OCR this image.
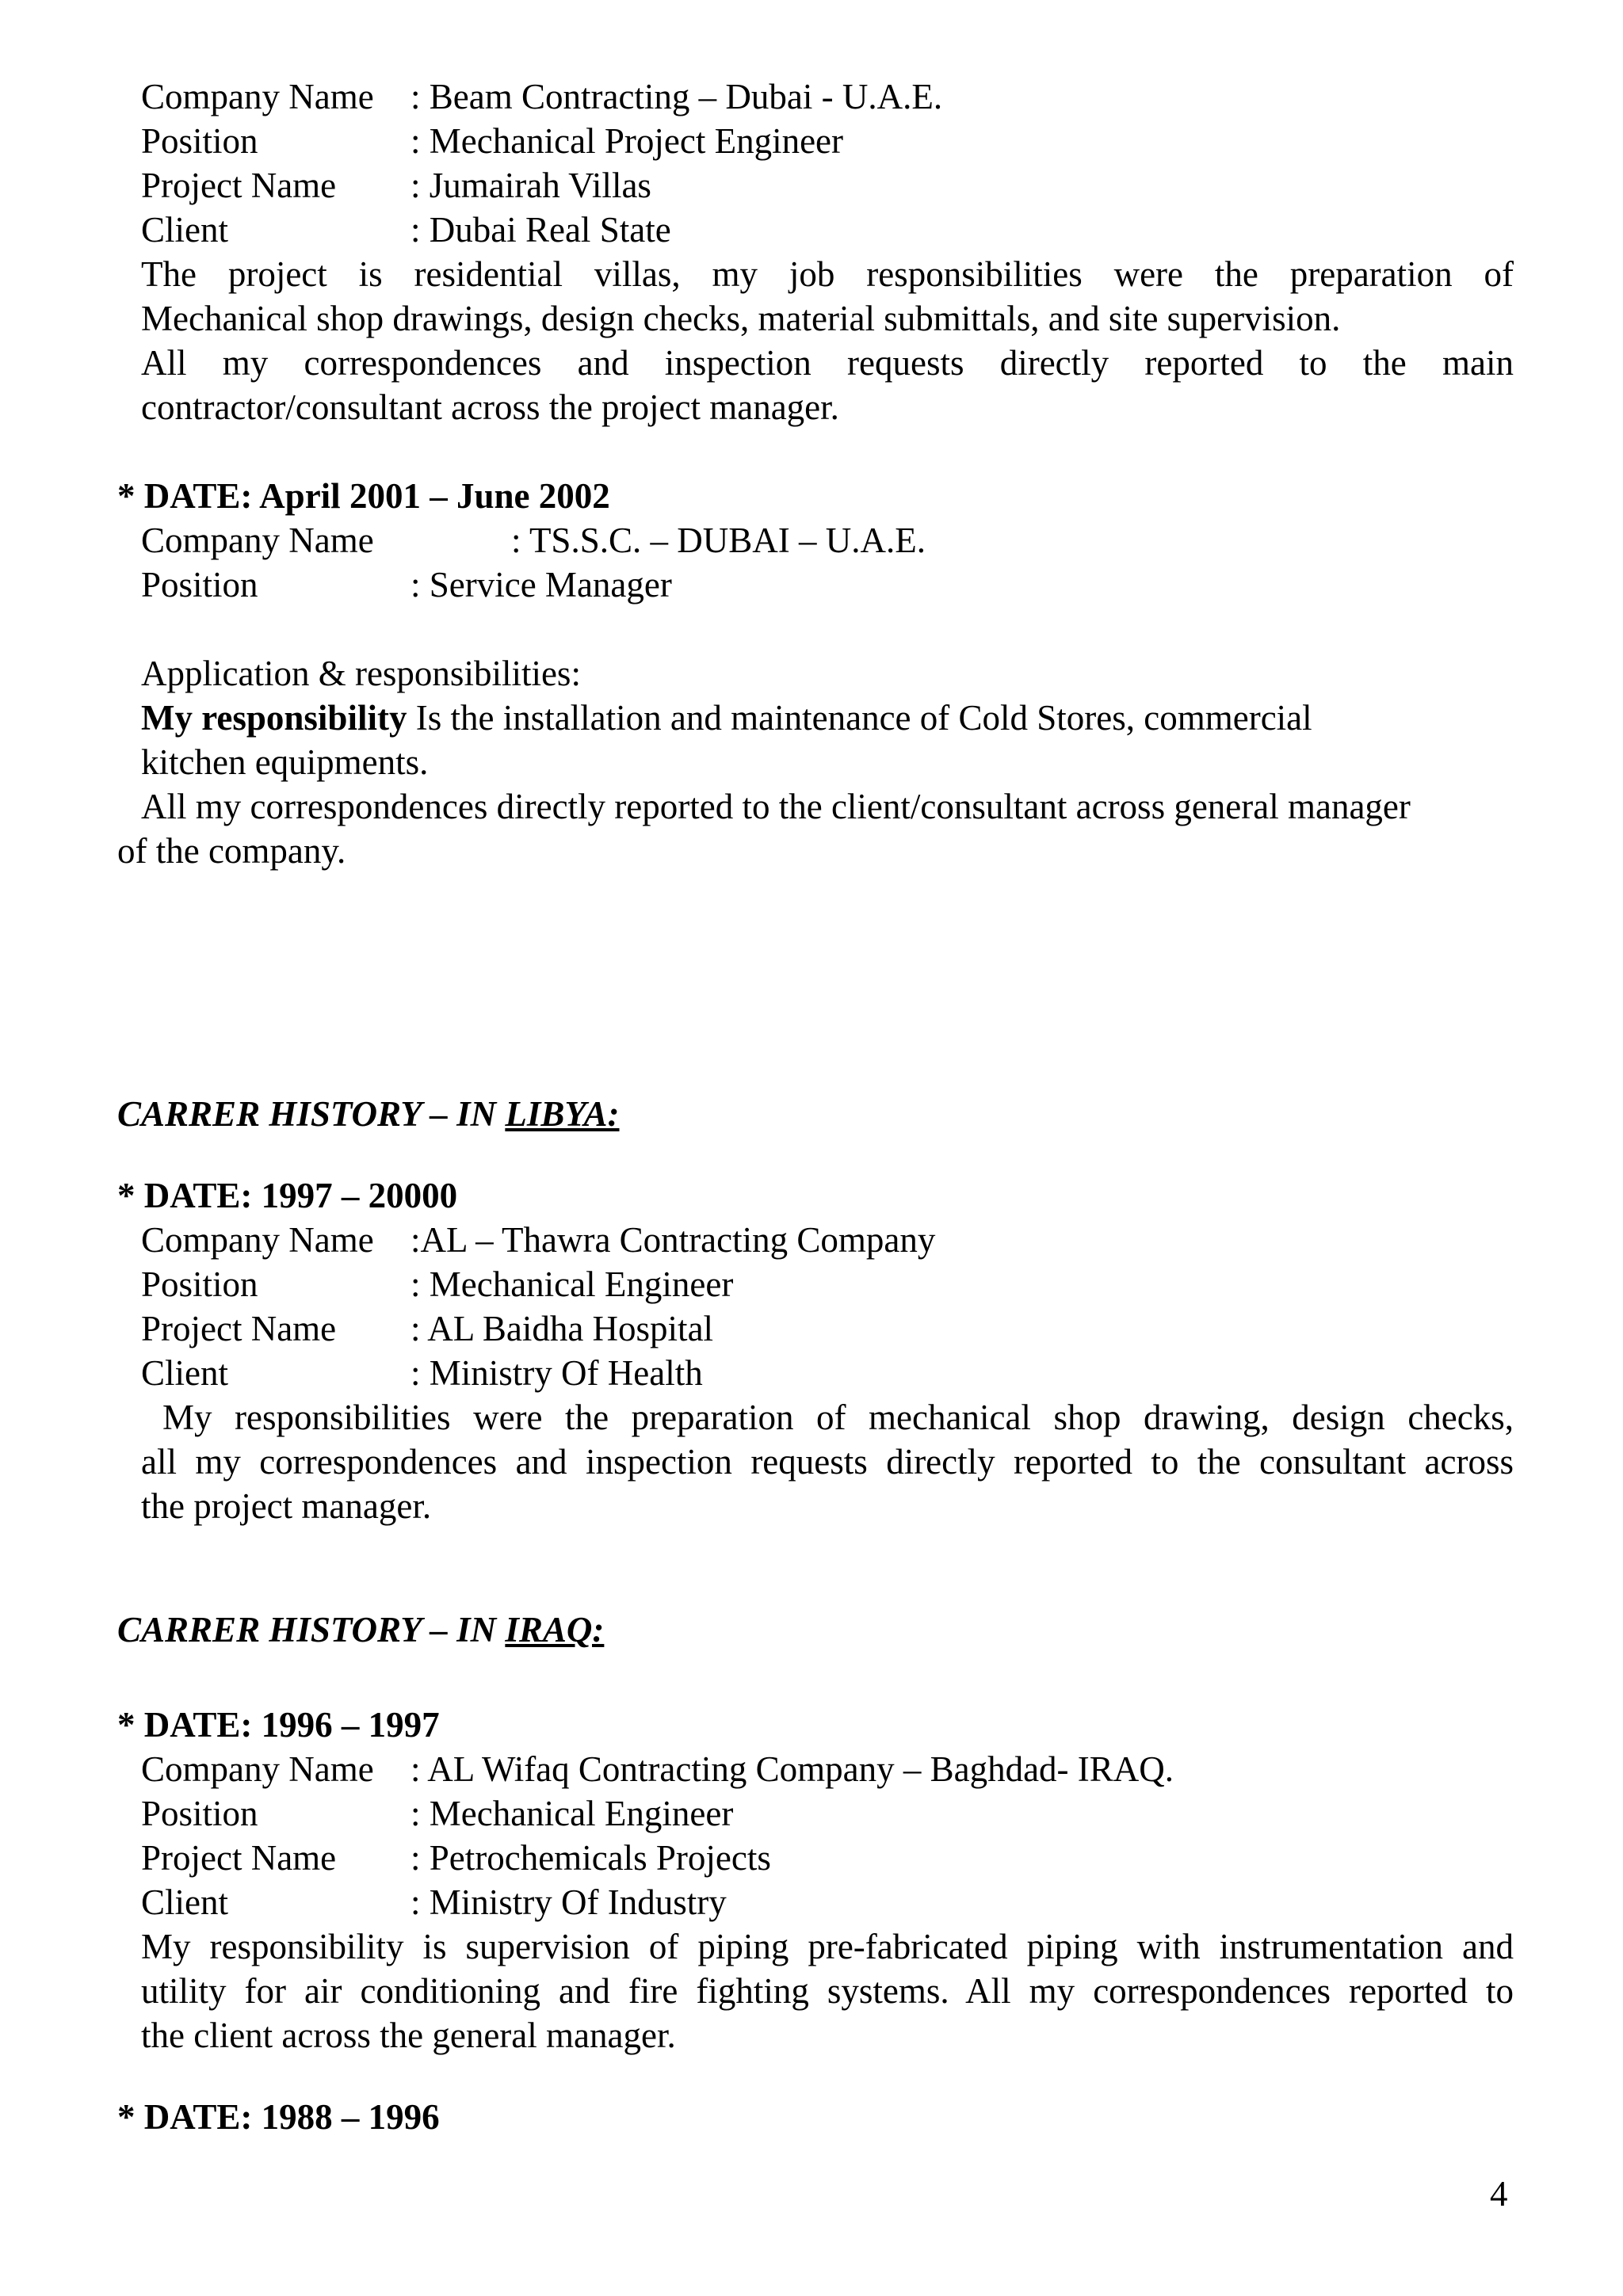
Company Name : Beam Contracting – Dubai - U.A.E.
Position	: Mechanical Project Engineer
Project Name : Jumairah Villas
Client	: Dubai Real State
The project is residential villas, my job responsibilities were the preparation of
Mechanical shop drawings, design checks, material submittals, and site supervision.
All my correspondences and inspection requests directly reported to the main
contractor/consultant across the project manager.
* DATE: April 2001 – June 2002
Company Name	: TS.S.C. – DUBAI – U.A.E.
Position	: Service Manager
Application & responsibilities:
My responsibility Is the installation and maintenance of Cold Stores, commercial
kitchen equipments.
All my correspondences directly reported to the client/consultant across general manager
of the company.
CARRER HISTORY – IN LIBYA:
* DATE: 1997 – 20000
Company Name :AL – Thawra Contracting Company
Position	: Mechanical Engineer
Project Name : AL Baidha Hospital
Client	: Ministry Of Health
My responsibilities were the preparation of mechanical shop drawing, design checks,
all my correspondences and inspection requests directly reported to the consultant across
the project manager.
CARRER HISTORY – IN IRAQ:
* DATE: 1996 – 1997
Company Name : AL Wifaq Contracting Company – Baghdad- IRAQ.
Position	: Mechanical Engineer
Project Name : Petrochemicals Projects
Client	: Ministry Of Industry
My responsibility is supervision of piping pre-fabricated piping with instrumentation and
utility for air conditioning and fire fighting systems. All my correspondences reported to
the client across the general manager.
* DATE: 1988 – 1996
4
